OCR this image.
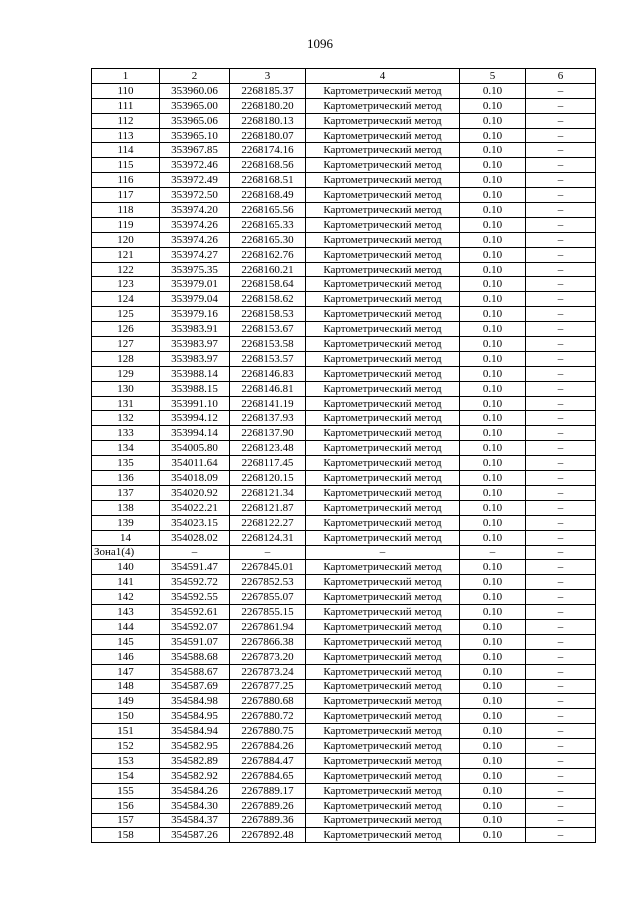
1096
1	2	3	4	5	6
110	353960.06	2268185.37	Картометрический метод	0.10	–
111	353965.00	2268180.20	Картометрический метод	0.10	–
112	353965.06	2268180.13	Картометрический метод	0.10	–
113	353965.10	2268180.07	Картометрический метод	0.10	–
114	353967.85	2268174.16	Картометрический метод	0.10	–
115	353972.46	2268168.56	Картометрический метод	0.10	–
116	353972.49	2268168.51	Картометрический метод	0.10	–
117	353972.50	2268168.49	Картометрический метод	0.10	–
118	353974.20	2268165.56	Картометрический метод	0.10	–
119	353974.26	2268165.33	Картометрический метод	0.10	–
120	353974.26	2268165.30	Картометрический метод	0.10	–
121	353974.27	2268162.76	Картометрический метод	0.10	–
122	353975.35	2268160.21	Картометрический метод	0.10	–
123	353979.01	2268158.64	Картометрический метод	0.10	–
124	353979.04	2268158.62	Картометрический метод	0.10	–
125	353979.16	2268158.53	Картометрический метод	0.10	–
126	353983.91	2268153.67	Картометрический метод	0.10	–
127	353983.97	2268153.58	Картометрический метод	0.10	–
128	353983.97	2268153.57	Картометрический метод	0.10	–
129	353988.14	2268146.83	Картометрический метод	0.10	–
130	353988.15	2268146.81	Картометрический метод	0.10	–
131	353991.10	2268141.19	Картометрический метод	0.10	–
132	353994.12	2268137.93	Картометрический метод	0.10	–
133	353994.14	2268137.90	Картометрический метод	0.10	–
134	354005.80	2268123.48	Картометрический метод	0.10	–
135	354011.64	2268117.45	Картометрический метод	0.10	–
136	354018.09	2268120.15	Картометрический метод	0.10	–
137	354020.92	2268121.34	Картометрический метод	0.10	–
138	354022.21	2268121.87	Картометрический метод	0.10	–
139	354023.15	2268122.27	Картометрический метод	0.10	–
14	354028.02	2268124.31	Картометрический метод	0.10	–
Зона1(4)	–	–	–	–	–
140	354591.47	2267845.01	Картометрический метод	0.10	–
141	354592.72	2267852.53	Картометрический метод	0.10	–
142	354592.55	2267855.07	Картометрический метод	0.10	–
143	354592.61	2267855.15	Картометрический метод	0.10	–
144	354592.07	2267861.94	Картометрический метод	0.10	–
145	354591.07	2267866.38	Картометрический метод	0.10	–
146	354588.68	2267873.20	Картометрический метод	0.10	–
147	354588.67	2267873.24	Картометрический метод	0.10	–
148	354587.69	2267877.25	Картометрический метод	0.10	–
149	354584.98	2267880.68	Картометрический метод	0.10	–
150	354584.95	2267880.72	Картометрический метод	0.10	–
151	354584.94	2267880.75	Картометрический метод	0.10	–
152	354582.95	2267884.26	Картометрический метод	0.10	–
153	354582.89	2267884.47	Картометрический метод	0.10	–
154	354582.92	2267884.65	Картометрический метод	0.10	–
155	354584.26	2267889.17	Картометрический метод	0.10	–
156	354584.30	2267889.26	Картометрический метод	0.10	–
157	354584.37	2267889.36	Картометрический метод	0.10	–
158	354587.26	2267892.48	Картометрический метод	0.10	–
